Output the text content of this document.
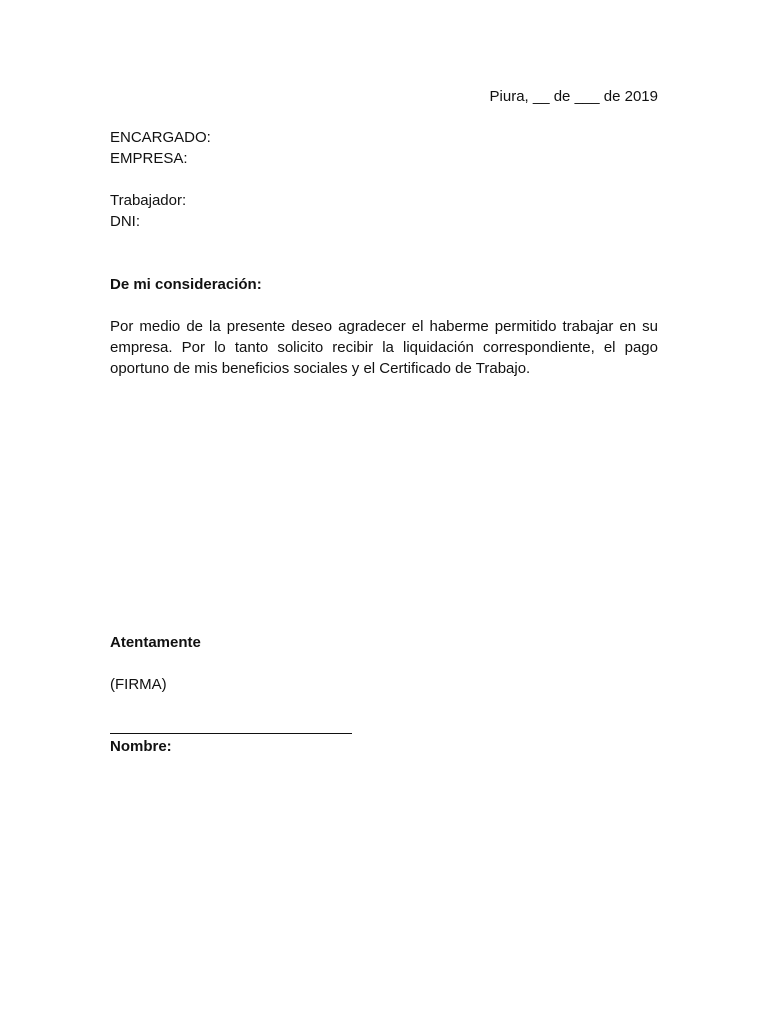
Piura, __ de ___ de 2019
ENCARGADO:
EMPRESA:
Trabajador:
DNI:
De mi consideración:
Por medio de la presente deseo agradecer el haberme permitido trabajar en su empresa. Por lo tanto solicito recibir la liquidación correspondiente, el pago oportuno de mis beneficios sociales y el Certificado de Trabajo.
Atentamente
(FIRMA)
Nombre:
